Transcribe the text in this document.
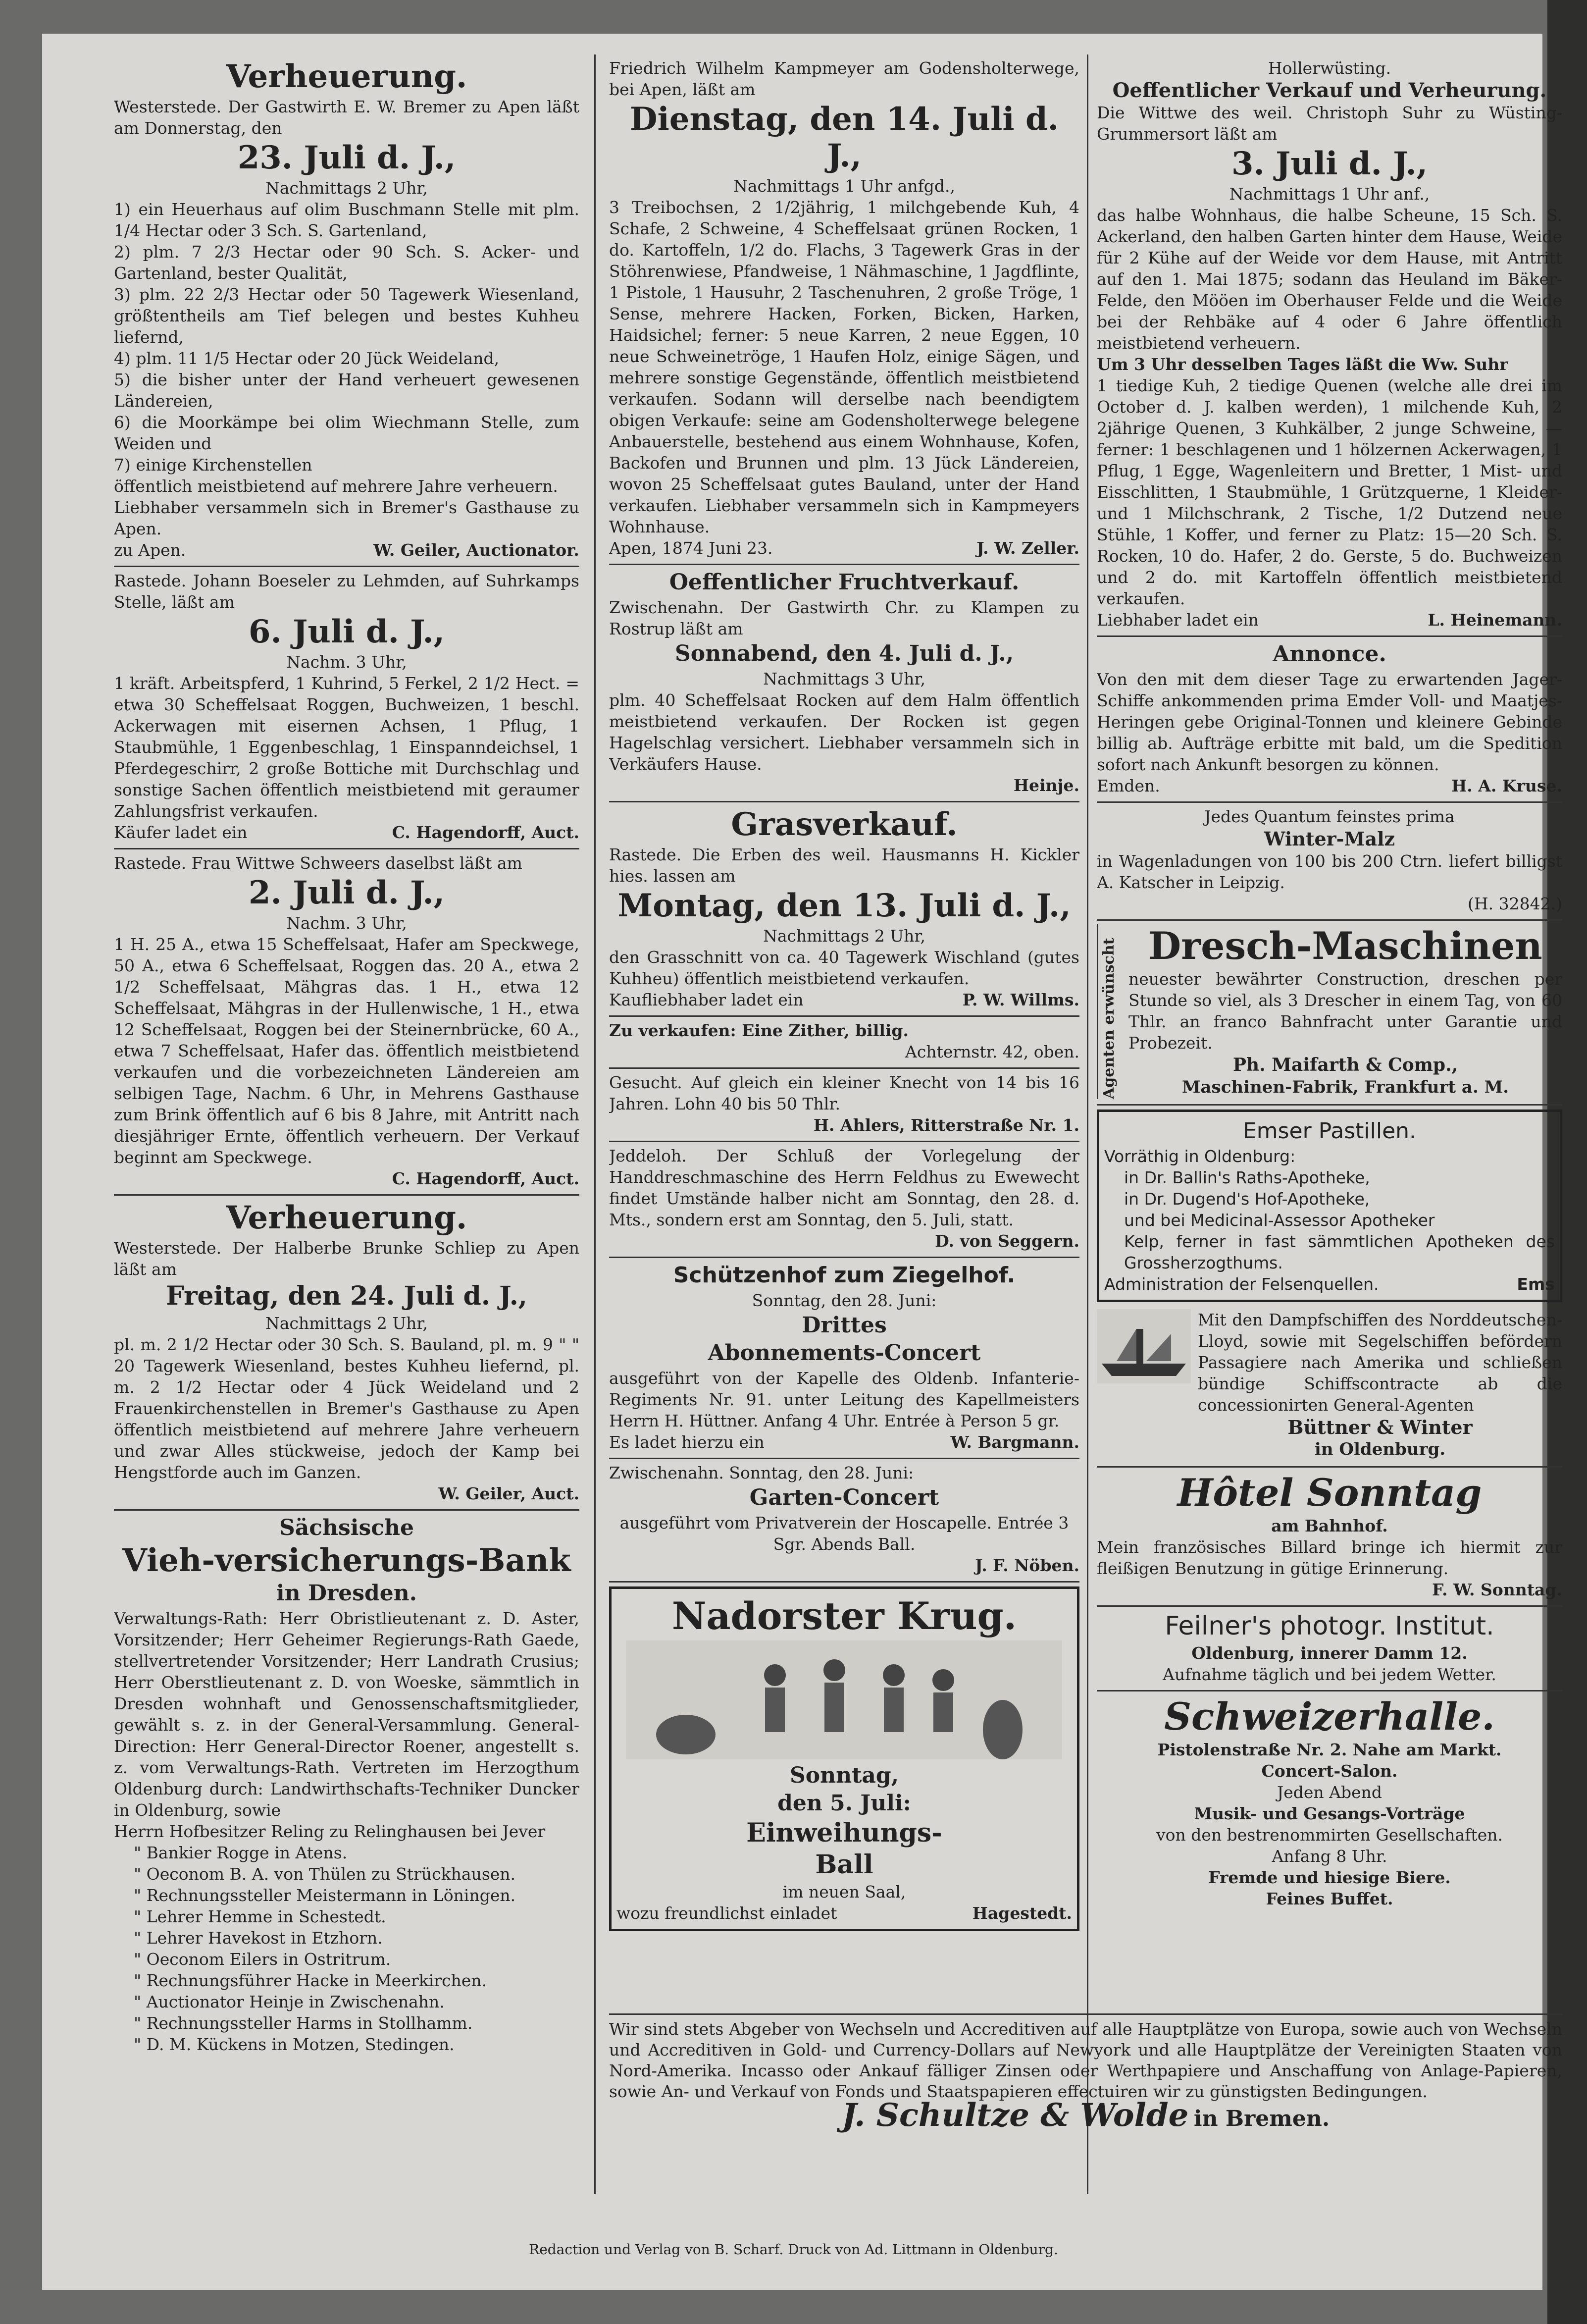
Verheuerung.

Westerstede. Der Gastwirth E. W. Bremer zu Apen läßt am Donnerstag, den

23. Juli d. J.,
Nachmittags 2 Uhr,

1) ein Heuerhaus auf olim Buschmann Stelle mit plm. 1/4 Hectar oder 3 Sch. S. Gartenland,

2) plm. 7 2/3 Hectar oder 90 Sch. S. Acker- und Gartenland, bester Qualität,

3) plm. 22 2/3 Hectar oder 50 Tagewerk Wiesenland, größtentheils am Tief belegen und bestes Kuhheu liefernd,

4) plm. 11 1/5 Hectar oder 20 Jück Weideland,

5) die bisher unter der Hand verheuert gewesenen Ländereien,

6) die Moorkämpe bei olim Wiechmann Stelle, zum Weiden und

7) einige Kirchenstellen

öffentlich meistbietend auf mehrere Jahre verheuern.

Liebhaber versammeln sich in Bremer's Gasthause zu Apen.

zu Apen.	W. Geiler, Auctionator.

Rastede. Johann Boeseler zu Lehmden, auf Suhrkamps Stelle, läßt am

6. Juli d. J.,
Nachm. 3 Uhr,

1 kräft. Arbeitspferd, 1 Kuhrind, 5 Ferkel, 2 1/2 Hect. = etwa 30 Scheffelsaat Roggen, Buchweizen, 1 beschl. Ackerwagen mit eisernen Achsen, 1 Pflug, 1 Staubmühle, 1 Eggenbeschlag, 1 Einspanndeichsel, 1 Pferdegeschirr, 2 große Bottiche mit Durchschlag und sonstige Sachen öffentlich meistbietend mit geraumer Zahlungsfrist verkaufen.

Käufer ladet ein	C. Hagendorff, Auct.

Rastede. Frau Wittwe Schweers daselbst läßt am

2. Juli d. J.,
Nachm. 3 Uhr,

1 H. 25 A., etwa 15 Scheffelsaat, Hafer am Speckwege, 50 A., etwa 6 Scheffelsaat, Roggen das. 20 A., etwa 2 1/2 Scheffelsaat, Mähgras das. 1 H., etwa 12 Scheffelsaat, Mähgras in der Hullenwische, 1 H., etwa 12 Scheffelsaat, Roggen bei der Steinernbrücke, 60 A., etwa 7 Scheffelsaat, Hafer das. öffentlich meistbietend verkaufen und die vorbezeichneten Ländereien am selbigen Tage, Nachm. 6 Uhr, in Mehrens Gasthause zum Brink öffentlich auf 6 bis 8 Jahre, mit Antritt nach diesjähriger Ernte, öffentlich verheuern. Der Verkauf beginnt am Speckwege.

C. Hagendorff, Auct.
Verheuerung.

Westerstede. Der Halberbe Brunke Schliep zu Apen läßt am

Freitag, den 24. Juli d. J.,
Nachmittags 2 Uhr,

pl. m. 2 1/2 Hectar oder 30 Sch. S. Bauland, pl. m. 9 " " 20 Tagewerk Wiesenland, bestes Kuhheu liefernd, pl. m. 2 1/2 Hectar oder 4 Jück Weideland und 2 Frauenkirchenstellen in Bremer's Gasthause zu Apen öffentlich meistbietend auf mehrere Jahre verheuern und zwar Alles stückweise, jedoch der Kamp bei Hengstforde auch im Ganzen.

W. Geiler, Auct.
Sächsische
Vieh-versicherungs-Bank
in Dresden.

Verwaltungs-Rath: Herr Obristlieutenant z. D. Aster, Vorsitzender; Herr Geheimer Regierungs-Rath Gaede, stellvertretender Vorsitzender; Herr Landrath Crusius; Herr Oberstlieutenant z. D. von Woeske, sämmtlich in Dresden wohnhaft und Genossenschaftsmitglieder, gewählt s. z. in der General-Versammlung. General-Direction: Herr General-Director Roener, angestellt s. z. vom Verwaltungs-Rath. Vertreten im Herzogthum Oldenburg durch: Landwirthschafts-Techniker Duncker in Oldenburg, sowie

Herrn Hofbesitzer Reling zu Relinghausen bei Jever

" Bankier Rogge in Atens.

" Oeconom B. A. von Thülen zu Strückhausen.

" Rechnungssteller Meistermann in Löningen.

" Lehrer Hemme in Schestedt.

" Lehrer Havekost in Etzhorn.

" Oeconom Eilers in Ostritrum.

" Rechnungsführer Hacke in Meerkirchen.

" Auctionator Heinje in Zwischenahn.

" Rechnungssteller Harms in Stollhamm.

" D. M. Kückens in Motzen, Stedingen.

Friedrich Wilhelm Kampmeyer am Godensholterwege, bei Apen, läßt am

Dienstag, den 14. Juli d. J.,
Nachmittags 1 Uhr anfgd.,

3 Treibochsen, 2 1/2jährig, 1 milchgebende Kuh, 4 Schafe, 2 Schweine, 4 Scheffelsaat grünen Rocken, 1 do. Kartoffeln, 1/2 do. Flachs, 3 Tagewerk Gras in der Stöhrenwiese, Pfandweise, 1 Nähmaschine, 1 Jagdflinte, 1 Pistole, 1 Hausuhr, 2 Taschenuhren, 2 große Tröge, 1 Sense, mehrere Hacken, Forken, Bicken, Harken, Haidsichel; ferner: 5 neue Karren, 2 neue Eggen, 10 neue Schweinetröge, 1 Haufen Holz, einige Sägen, und mehrere sonstige Gegenstände, öffentlich meistbietend verkaufen. Sodann will derselbe nach beendigtem obigen Verkaufe: seine am Godensholterwege belegene Anbauerstelle, bestehend aus einem Wohnhause, Kofen, Backofen und Brunnen und plm. 13 Jück Ländereien, wovon 25 Scheffelsaat gutes Bauland, unter der Hand verkaufen. Liebhaber versammeln sich in Kampmeyers Wohnhause.

Apen, 1874 Juni 23.	J. W. Zeller.
Oeffentlicher Fruchtverkauf.

Zwischenahn. Der Gastwirth Chr. zu Klampen zu Rostrup läßt am

Sonnabend, den 4. Juli d. J.,
Nachmittags 3 Uhr,

plm. 40 Scheffelsaat Rocken auf dem Halm öffentlich meistbietend verkaufen. Der Rocken ist gegen Hagelschlag versichert. Liebhaber versammeln sich in Verkäufers Hause.

Heinje.
Grasverkauf.

Rastede. Die Erben des weil. Hausmanns H. Kickler hies. lassen am

Montag, den 13. Juli d. J.,
Nachmittags 2 Uhr,

den Grasschnitt von ca. 40 Tagewerk Wischland (gutes Kuhheu) öffentlich meistbietend verkaufen.

Kaufliebhaber ladet ein	P. W. Willms.

Zu verkaufen: Eine Zither, billig.

Achternstr. 42, oben.

Gesucht. Auf gleich ein kleiner Knecht von 14 bis 16 Jahren. Lohn 40 bis 50 Thlr.

H. Ahlers, Ritterstraße Nr. 1.

Jeddeloh. Der Schluß der Vorlegelung der Handdreschmaschine des Herrn Feldhus zu Ewewecht findet Umstände halber nicht am Sonntag, den 28. d. Mts., sondern erst am Sonntag, den 5. Juli, statt.

D. von Seggern.
Schützenhof zum Ziegelhof.
Sonntag, den 28. Juni:
Drittes
Abonnements-Concert

ausgeführt von der Kapelle des Oldenb. Infanterie-Regiments Nr. 91. unter Leitung des Kapellmeisters Herrn H. Hüttner. Anfang 4 Uhr. Entrée à Person 5 gr.

Es ladet hierzu ein	W. Bargmann.

Zwischenahn. Sonntag, den 28. Juni:

Garten-Concert
ausgeführt vom Privatverein der Hoscapelle. Entrée 3 Sgr. Abends Ball.
J. F. Nöben.
Nadorster Krug.
Sonntag,
den 5. Juli:
Einweihungs-
Ball
im neuen Saal,
wozu freundlichst einladet	Hagestedt.
Hollerwüsting.
Oeffentlicher Verkauf und Verheurung.

Die Wittwe des weil. Christoph Suhr zu Wüsting-Grummersort läßt am

3. Juli d. J.,
Nachmittags 1 Uhr anf.,

das halbe Wohnhaus, die halbe Scheune, 15 Sch. S. Ackerland, den halben Garten hinter dem Hause, Weide für 2 Kühe auf der Weide vor dem Hause, mit Antritt auf den 1. Mai 1875; sodann das Heuland im Bäker-Felde, den Mööen im Oberhauser Felde und die Weide bei der Rehbäke auf 4 oder 6 Jahre öffentlich meistbietend verheuern.

Um 3 Uhr desselben Tages läßt die Ww. Suhr

1 tiedige Kuh, 2 tiedige Quenen (welche alle drei im October d. J. kalben werden), 1 milchende Kuh, 2 2jährige Quenen, 3 Kuhkälber, 2 junge Schweine, — ferner: 1 beschlagenen und 1 hölzernen Ackerwagen, 1 Pflug, 1 Egge, Wagenleitern und Bretter, 1 Mist- und Eisschlitten, 1 Staubmühle, 1 Grützquerne, 1 Kleider- und 1 Milchschrank, 2 Tische, 1/2 Dutzend neue Stühle, 1 Koffer, und ferner zu Platz: 15—20 Sch. S. Rocken, 10 do. Hafer, 2 do. Gerste, 5 do. Buchweizen und 2 do. mit Kartoffeln öffentlich meistbietend verkaufen.

Liebhaber ladet ein	L. Heinemann.
Annonce.

Von den mit dem dieser Tage zu erwartenden Jager-Schiffe ankommenden prima Emder Voll- und Maatjes-Heringen gebe Original-Tonnen und kleinere Gebinde billig ab. Aufträge erbitte mit bald, um die Spedition sofort nach Ankunft besorgen zu können.

Emden.	H. A. Kruse.
Jedes Quantum feinstes prima
Winter-Malz

in Wagenladungen von 100 bis 200 Ctrn. liefert billigst A. Katscher in Leipzig.

(H. 32842.)
Agenten erwünscht Dresch-Maschinen

neuester bewährter Construction, dreschen per Stunde so viel, als 3 Drescher in einem Tag, von 60 Thlr. an franco Bahnfracht unter Garantie und Probezeit.

Ph. Maifarth & Comp.,
Maschinen-Fabrik, Frankfurt a. M.
Emser Pastillen.

Vorräthig in Oldenburg:

in Dr. Ballin's Raths-Apotheke,

in Dr. Dugend's Hof-Apotheke,

und bei Medicinal-Assessor Apotheker

Kelp, ferner in fast sämmtlichen Apotheken des Grossherzogthums.

Administration der Felsenquellen.	Ems

Mit den Dampfschiffen des Norddeutschen-Lloyd, sowie mit Segelschiffen befördern Passagiere nach Amerika und schließen bündige Schiffscontracte ab die concessionirten General-Agenten

Büttner & Winter
in Oldenburg.
Hôtel Sonntag
am Bahnhof.

Mein französisches Billard bringe ich hiermit zur fleißigen Benutzung in gütige Erinnerung.

F. W. Sonntag.
Feilner's photogr. Institut.
Oldenburg, innerer Damm 12.
Aufnahme täglich und bei jedem Wetter.
Schweizerhalle.
Pistolenstraße Nr. 2. Nahe am Markt.
Concert-Salon.
Jeden Abend
Musik- und Gesangs-Vorträge
von den bestrenommirten Gesellschaften.
Anfang 8 Uhr.
Fremde und hiesige Biere.
Feines Buffet.

Wir sind stets Abgeber von Wechseln und Accreditiven auf alle Hauptplätze von Europa, sowie auch von Wechseln und Accreditiven in Gold- und Currency-Dollars auf Newyork und alle Hauptplätze der Vereinigten Staaten von Nord-Amerika. Incasso oder Ankauf fälliger Zinsen oder Werthpapiere und Anschaffung von Anlage-Papieren, sowie An- und Verkauf von Fonds und Staatspapieren effectuiren wir zu günstigsten Bedingungen.

J. Schultze & Wolde in Bremen.
Redaction und Verlag von B. Scharf. Druck von Ad. Littmann in Oldenburg.
